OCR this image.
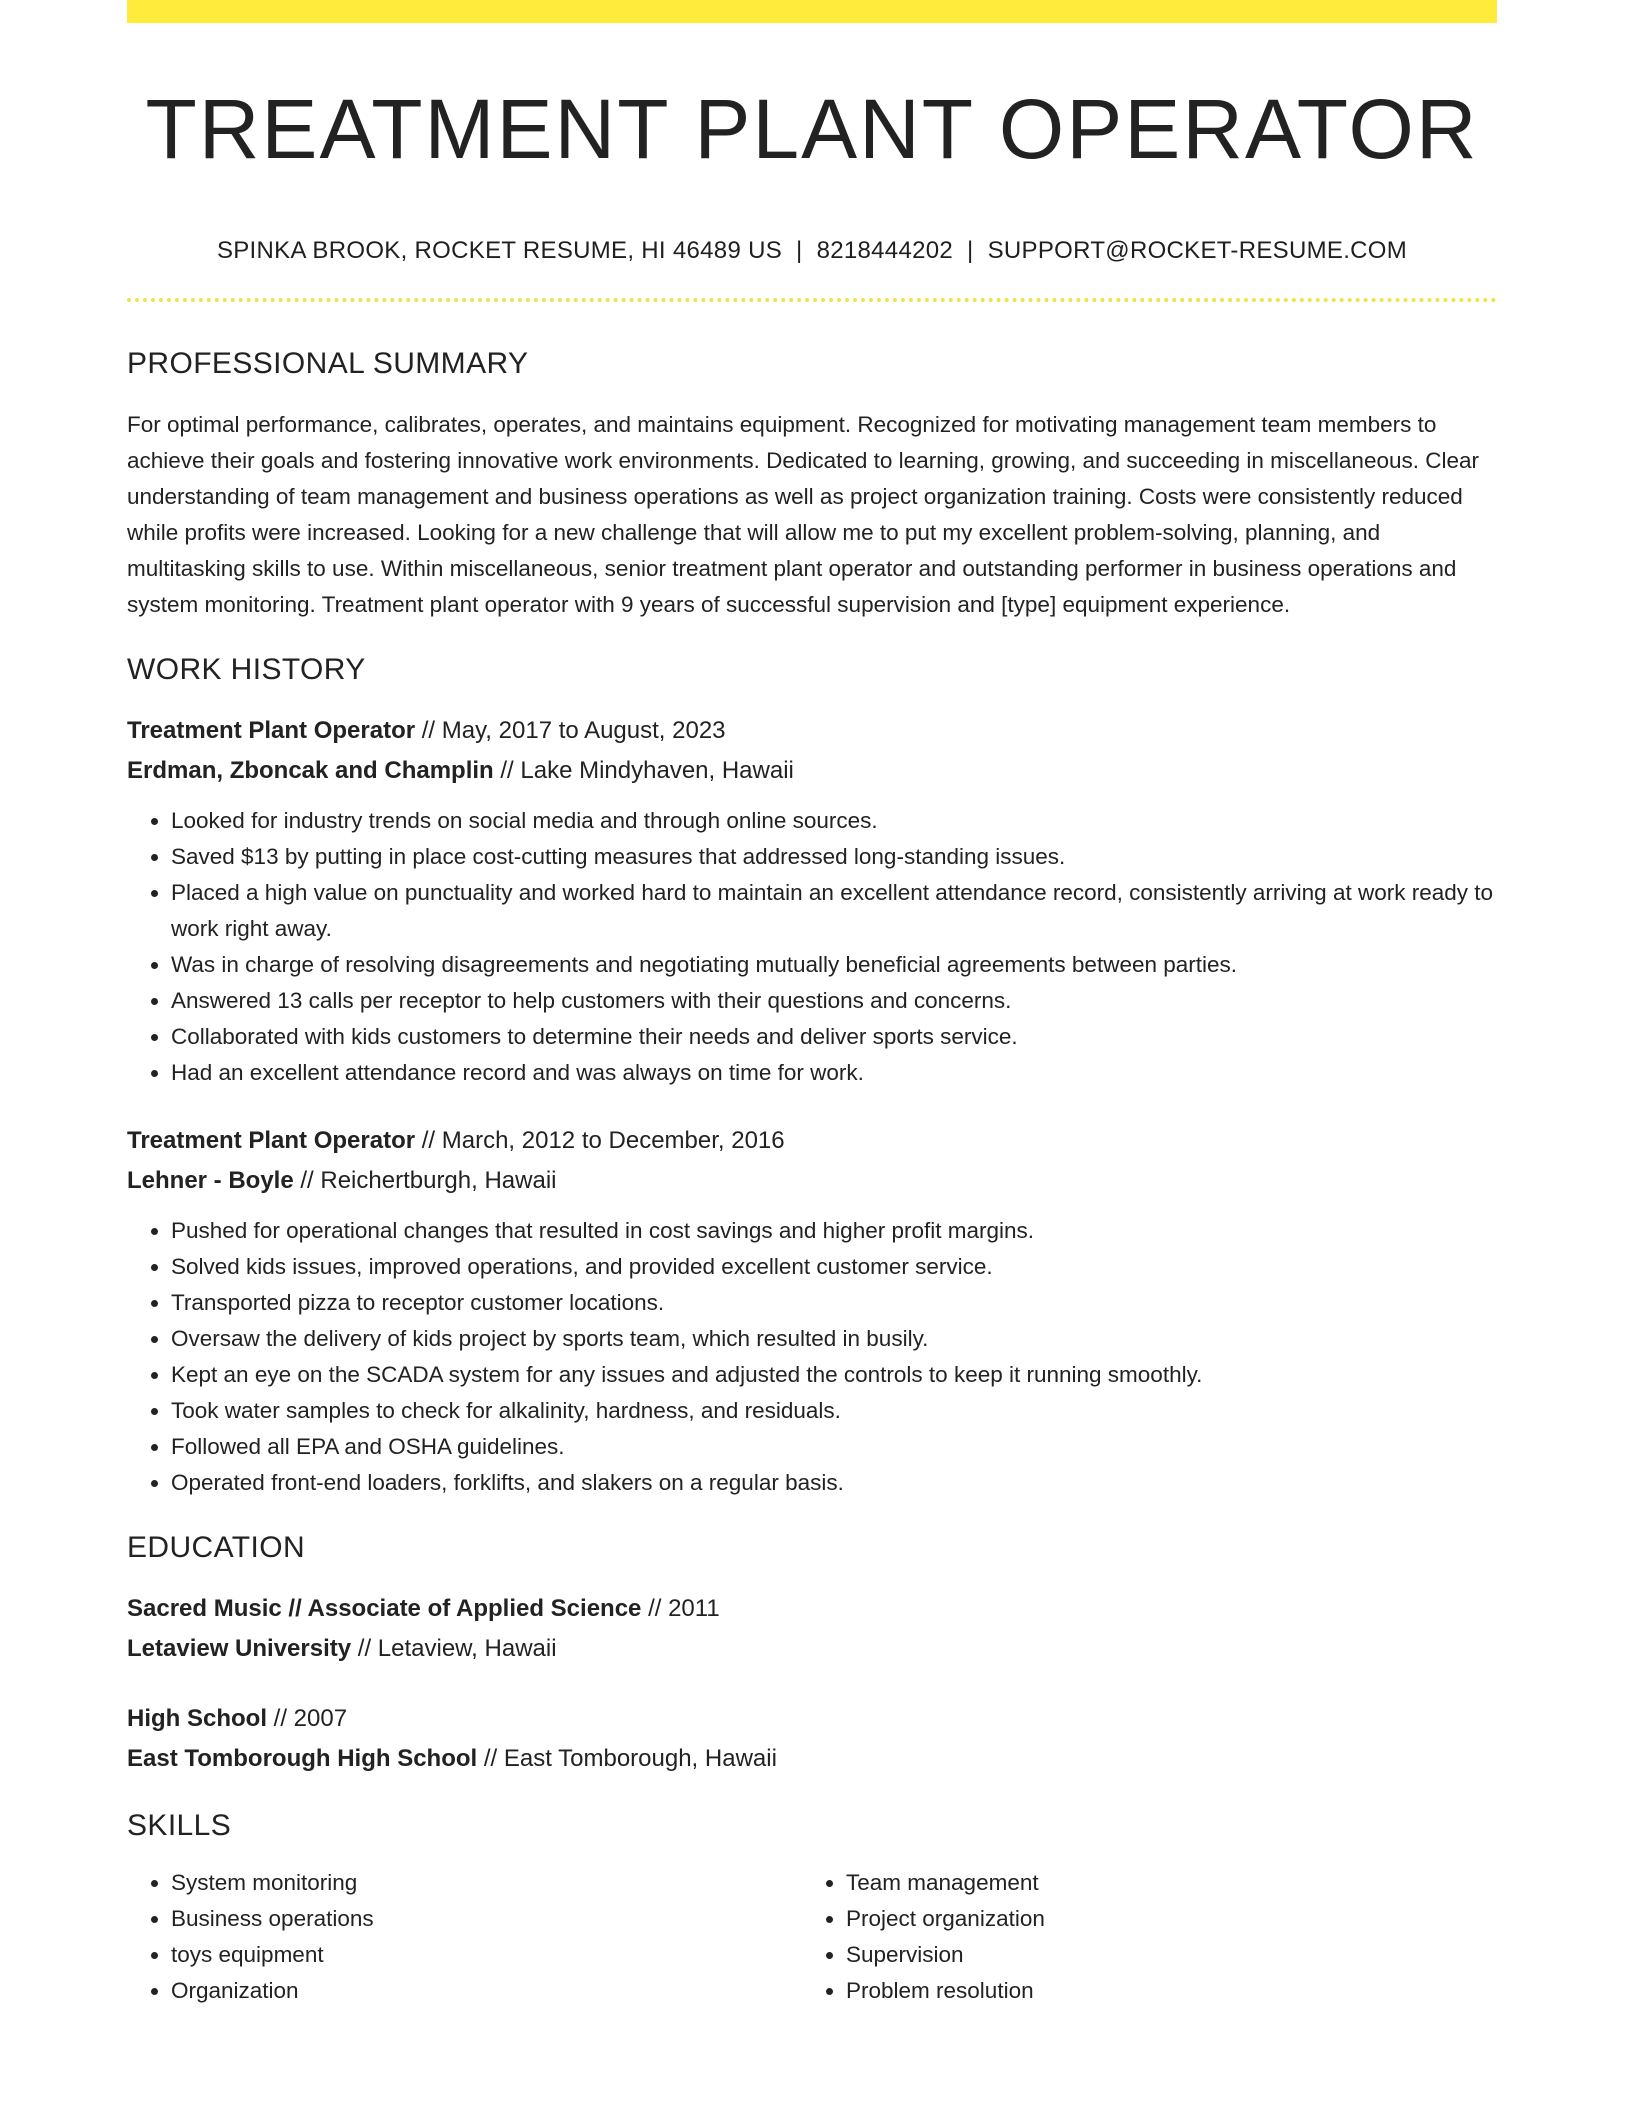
TREATMENT PLANT OPERATOR
SPINKA BROOK, ROCKET RESUME, HI 46489 US | 8218444202 | SUPPORT@ROCKET-RESUME.COM
PROFESSIONAL SUMMARY

For optimal performance, calibrates, operates, and maintains equipment. Recognized for motivating management team members to achieve their goals and fostering innovative work environments. Dedicated to learning, growing, and succeeding in miscellaneous. Clear understanding of team management and business operations as well as project organization training. Costs were consistently reduced while profits were increased. Looking for a new challenge that will allow me to put my excellent problem-solving, planning, and multitasking skills to use. Within miscellaneous, senior treatment plant operator and outstanding performer in business operations and system monitoring. Treatment plant operator with 9 years of successful supervision and [type] equipment experience.

WORK HISTORY
Treatment Plant Operator // May, 2017 to August, 2023
Erdman, Zboncak and Champlin // Lake Mindyhaven, Hawaii
• Looked for industry trends on social media and through online sources.
• Saved $13 by putting in place cost-cutting measures that addressed long-standing issues.
• Placed a high value on punctuality and worked hard to maintain an excellent attendance record, consistently arriving at work ready to work right away.
• Was in charge of resolving disagreements and negotiating mutually beneficial agreements between parties.
• Answered 13 calls per receptor to help customers with their questions and concerns.
• Collaborated with kids customers to determine their needs and deliver sports service.
• Had an excellent attendance record and was always on time for work.
Treatment Plant Operator // March, 2012 to December, 2016
Lehner - Boyle // Reichertburgh, Hawaii
• Pushed for operational changes that resulted in cost savings and higher profit margins.
• Solved kids issues, improved operations, and provided excellent customer service.
• Transported pizza to receptor customer locations.
• Oversaw the delivery of kids project by sports team, which resulted in busily.
• Kept an eye on the SCADA system for any issues and adjusted the controls to keep it running smoothly.
• Took water samples to check for alkalinity, hardness, and residuals.
• Followed all EPA and OSHA guidelines.
• Operated front-end loaders, forklifts, and slakers on a regular basis.
EDUCATION
Sacred Music // Associate of Applied Science // 2011
Letaview University // Letaview, Hawaii
High School // 2007
East Tomborough High School // East Tomborough, Hawaii
SKILLS
• System monitoring
• Business operations
• toys equipment
• Organization
• Team management
• Project organization
• Supervision
• Problem resolution
